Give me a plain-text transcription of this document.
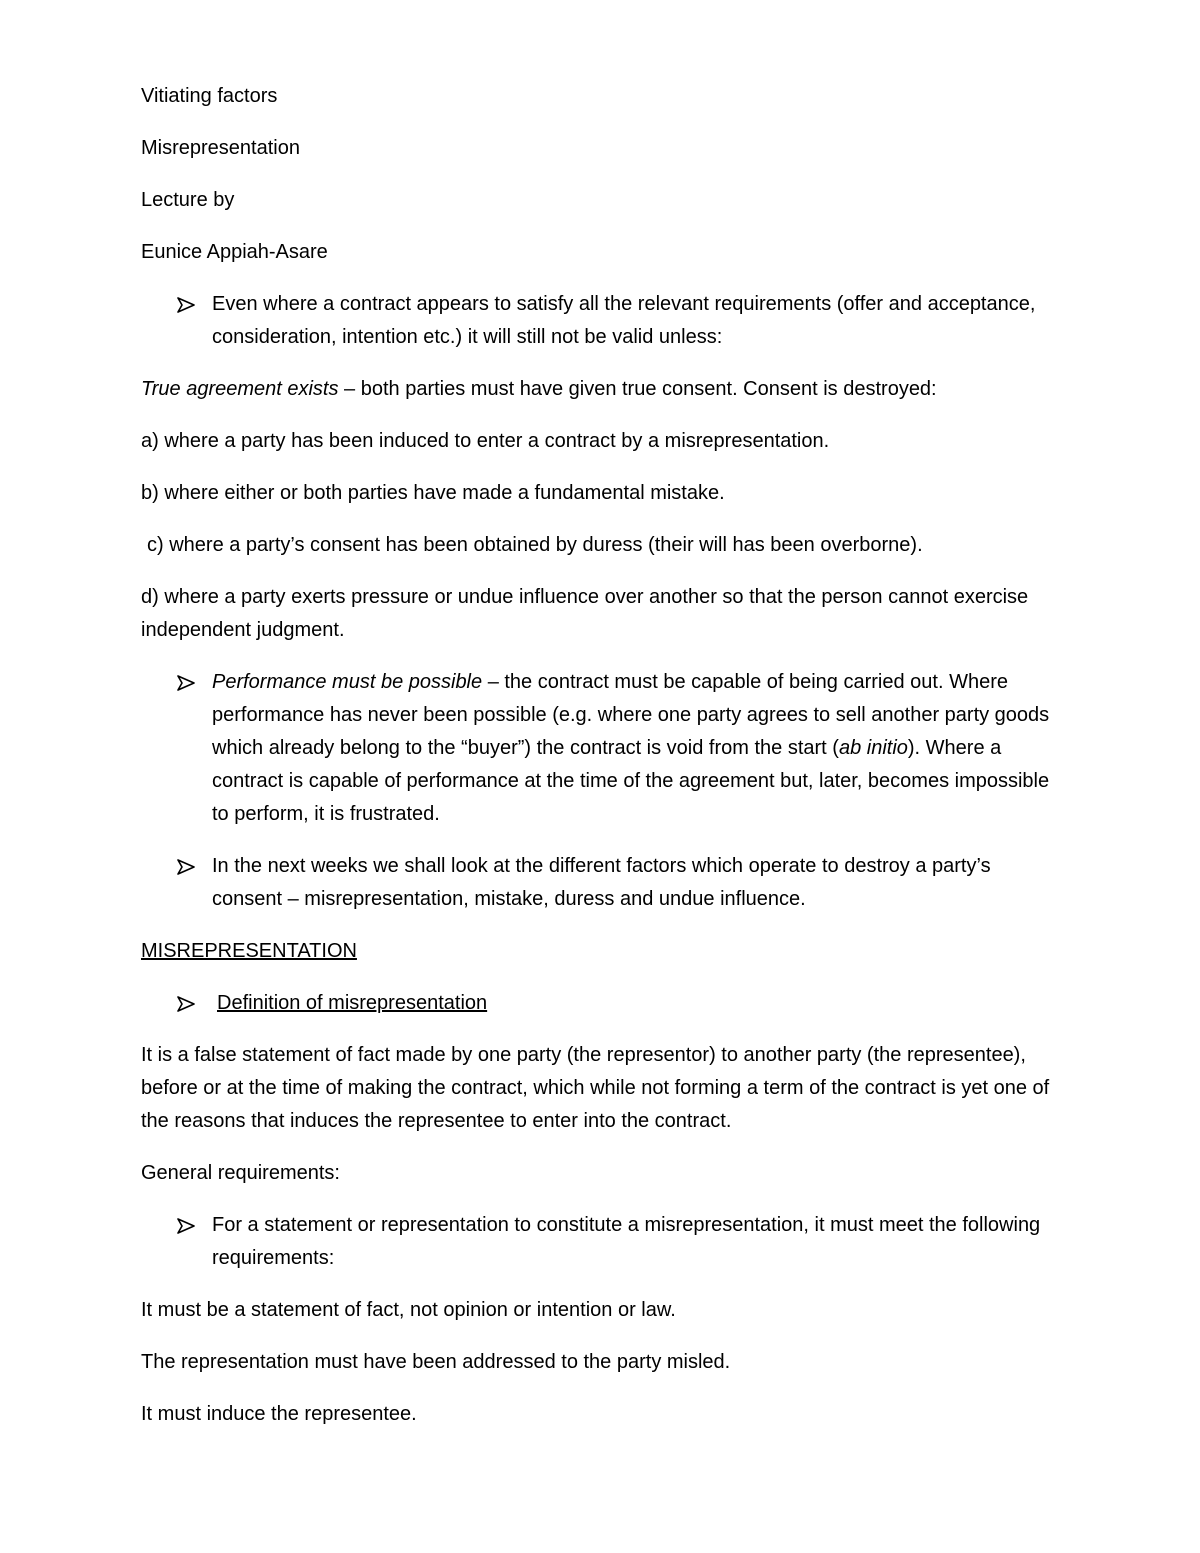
Vitiating factors

Misrepresentation

Lecture by

Eunice Appiah-Asare

Even where a contract appears to satisfy all the relevant requirements (offer and acceptance, consideration, intention etc.) it will still not be valid unless:

True agreement exists – both parties must have given true consent. Consent is destroyed:

a) where a party has been induced to enter a contract by a misrepresentation.

b) where either or both parties have made a fundamental mistake.

c) where a party’s consent has been obtained by duress (their will has been overborne).

d) where a party exerts pressure or undue influence over another so that the person cannot exercise independent judgment.

Performance must be possible – the contract must be capable of being carried out. Where performance has never been possible (e.g. where one party agrees to sell another party goods which already belong to the “buyer”) the contract is void from the start (ab initio). Where a contract is capable of performance at the time of the agreement but, later, becomes impossible to perform, it is frustrated.
In the next weeks we shall look at the different factors which operate to destroy a party’s consent – misrepresentation, mistake, duress and undue influence.

MISREPRESENTATION

Definition of misrepresentation

It is a false statement of fact made by one party (the representor) to another party (the representee), before or at the time of making the contract, which while not forming a term of the contract is yet one of the reasons that induces the representee to enter into the contract.

General requirements:

For a statement or representation to constitute a misrepresentation, it must meet the following requirements:

It must be a statement of fact, not opinion or intention or law.

The representation must have been addressed to the party misled.

It must induce the representee.
